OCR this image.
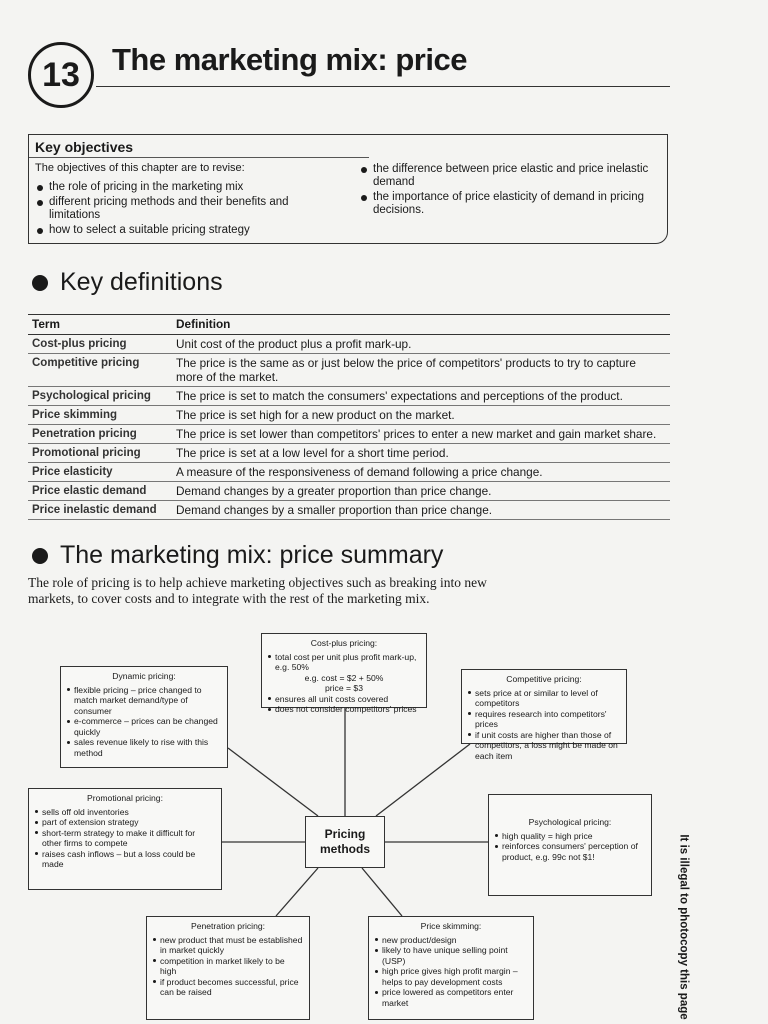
13 The marketing mix: price
Key objectives
The objectives of this chapter are to revise:
the role of pricing in the marketing mix
different pricing methods and their benefits and limitations
how to select a suitable pricing strategy
the difference between price elastic and price inelastic demand
the importance of price elasticity of demand in pricing decisions.
Key definitions
Term	Definition
Cost-plus pricing	Unit cost of the product plus a profit mark-up.
Competitive pricing	The price is the same as or just below the price of competitors' products to try to capture more of the market.
Psychological pricing	The price is set to match the consumers' expectations and perceptions of the product.
Price skimming	The price is set high for a new product on the market.
Penetration pricing	The price is set lower than competitors' prices to enter a new market and gain market share.
Promotional pricing	The price is set at a low level for a short time period.
Price elasticity	A measure of the responsiveness of demand following a price change.
Price elastic demand	Demand changes by a greater proportion than price change.
Price inelastic demand	Demand changes by a smaller proportion than price change.
The marketing mix: price summary
The role of pricing is to help achieve marketing objectives such as breaking into new markets, to cover costs and to integrate with the rest of the marketing mix.
Cost-plus pricing:
total cost per unit plus profit mark-up, e.g. 50%
e.g. cost = $2 + 50%
price = $3
ensures all unit costs covered
does not consider competitors' prices
Dynamic pricing:
flexible pricing – price changed to match market demand/type of consumer
e-commerce – prices can be changed quickly
sales revenue likely to rise with this method
Competitive pricing:
sets price at or similar to level of competitors
requires research into competitors' prices
if unit costs are higher than those of competitors, a loss might be made on each item
Promotional pricing:
sells off old inventories
part of extension strategy
short-term strategy to make it difficult for other firms to compete
raises cash inflows – but a loss could be made
Pricing
methods
Psychological pricing:
high quality = high price
reinforces consumers' perception of product, e.g. 99c not $1!
Penetration pricing:
new product that must be established in market quickly
competition in market likely to be high
if product becomes successful, price can be raised
Price skimming:
new product/design
likely to have unique selling point (USP)
high price gives high profit margin – helps to pay development costs
price lowered as competitors enter market	It is illegal to photocopy this page
